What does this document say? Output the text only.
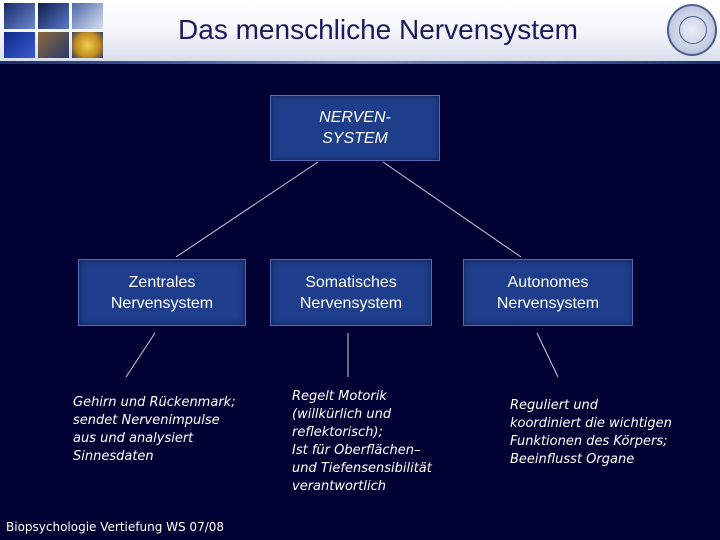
Das menschliche Nervensystem
NERVEN-
SYSTEM
Zentrales
Nervensystem
Somatisches
Nervensystem
Autonomes
Nervensystem
Gehirn und Rückenmark;
sendet Nervenimpulse
aus und analysiert
Sinnesdaten
Regelt Motorik
(willkürlich und
reflektorisch);
Ist für Oberflächen–
und Tiefensensibilität
verantwortlich
Reguliert und
koordiniert die wichtigen
Funktionen des Körpers;
Beeinflusst Organe
Biopsychologie Vertiefung WS 07/08
